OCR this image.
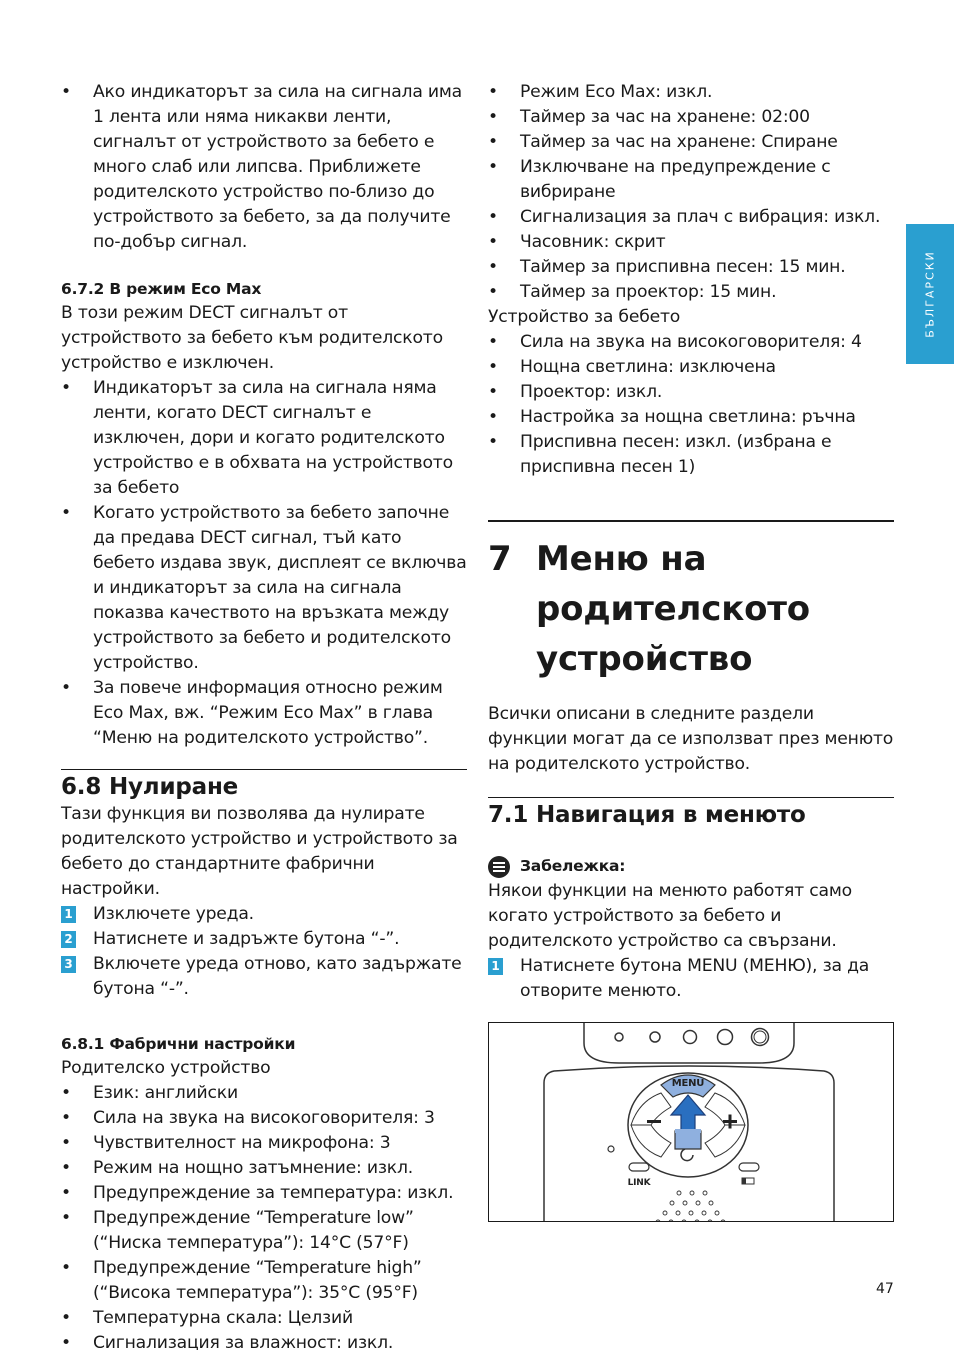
• Ако индикаторът за сила на сигнала има 1 лента или няма никакви ленти, сигналът от устройството за бебето е много слаб или липсва. Приближете родителското устройство по-близо до устройството за бебето, за да получите по-добър сигнал.
6.7.2 В режим Eco Max
В този режим DECT сигналът от устройството за бебето към родителското устройство е изключен.
• Индикаторът за сила на сигнала няма ленти, когато DECT сигналът е изключен, дори и когато родителското устройство е в обхвата на устройството за бебето
• Когато устройството за бебето започне да предава DECT сигнал, тъй като бебето издава звук, дисплеят се включва и индикаторът за сила на сигнала показва качеството на връзката между устройството за бебето и родителското устройство.
• За повече информация относно режим Eco Max, вж. “Режим Eco Max” в глава “Меню на родителското устройство”.
6.8 Нулиране
Тази функция ви позволява да нулирате родителското устройство и устройството за бебето до стандартните фабрични настройки.
1 Изключете уреда.
2 Натиснете и задръжте бутона “-”.
3 Включете уреда отново, като задържате бутона “-”.
6.8.1 Фабрични настройки
Родителско устройство
• Език: английски
• Сила на звука на високоговорителя: 3
• Чувствителност на микрофона: 3
• Режим на нощно затъмнение: изкл.
• Предупреждение за температура: изкл.
• Предупреждение “Temperature low” (“Ниска температура”): 14°C (57°F)
• Предупреждение “Temperature high” (“Висока температура”): 35°C (95°F)
• Температурна скала: Целзий
• Сигнализация за влажност: изкл.
• Режим Eco Max: изкл.
• Таймер за час на хранене: 02:00
• Таймер за час на хранене: Спиране
• Изключване на предупреждение с вибриране
• Сигнализация за плач с вибрация: изкл.
• Часовник: скрит
• Таймер за приспивна песен: 15 мин.
• Таймер за проектор: 15 мин.
Устройство за бебето
• Сила на звука на високоговорителя: 4
• Нощна светлина: изключена
• Проектор: изкл.
• Настройка за нощна светлина: ръчна
• Приспивна песен: изкл. (избрана е приспивна песен 1)
7 Меню на родителското устройство
Всички описани в следните раздели функции могат да се използват през менюто на родителското устройство.
7.1 Навигация в менюто
Забележка:
Някои функции на менюто работят само когато устройството за бебето и родителското устройство са свързани.
1 Натиснете бутона MENU (МЕНЮ), за да отворите менюто.
MENU
LINK
БЪЛГАРСКИ
47
